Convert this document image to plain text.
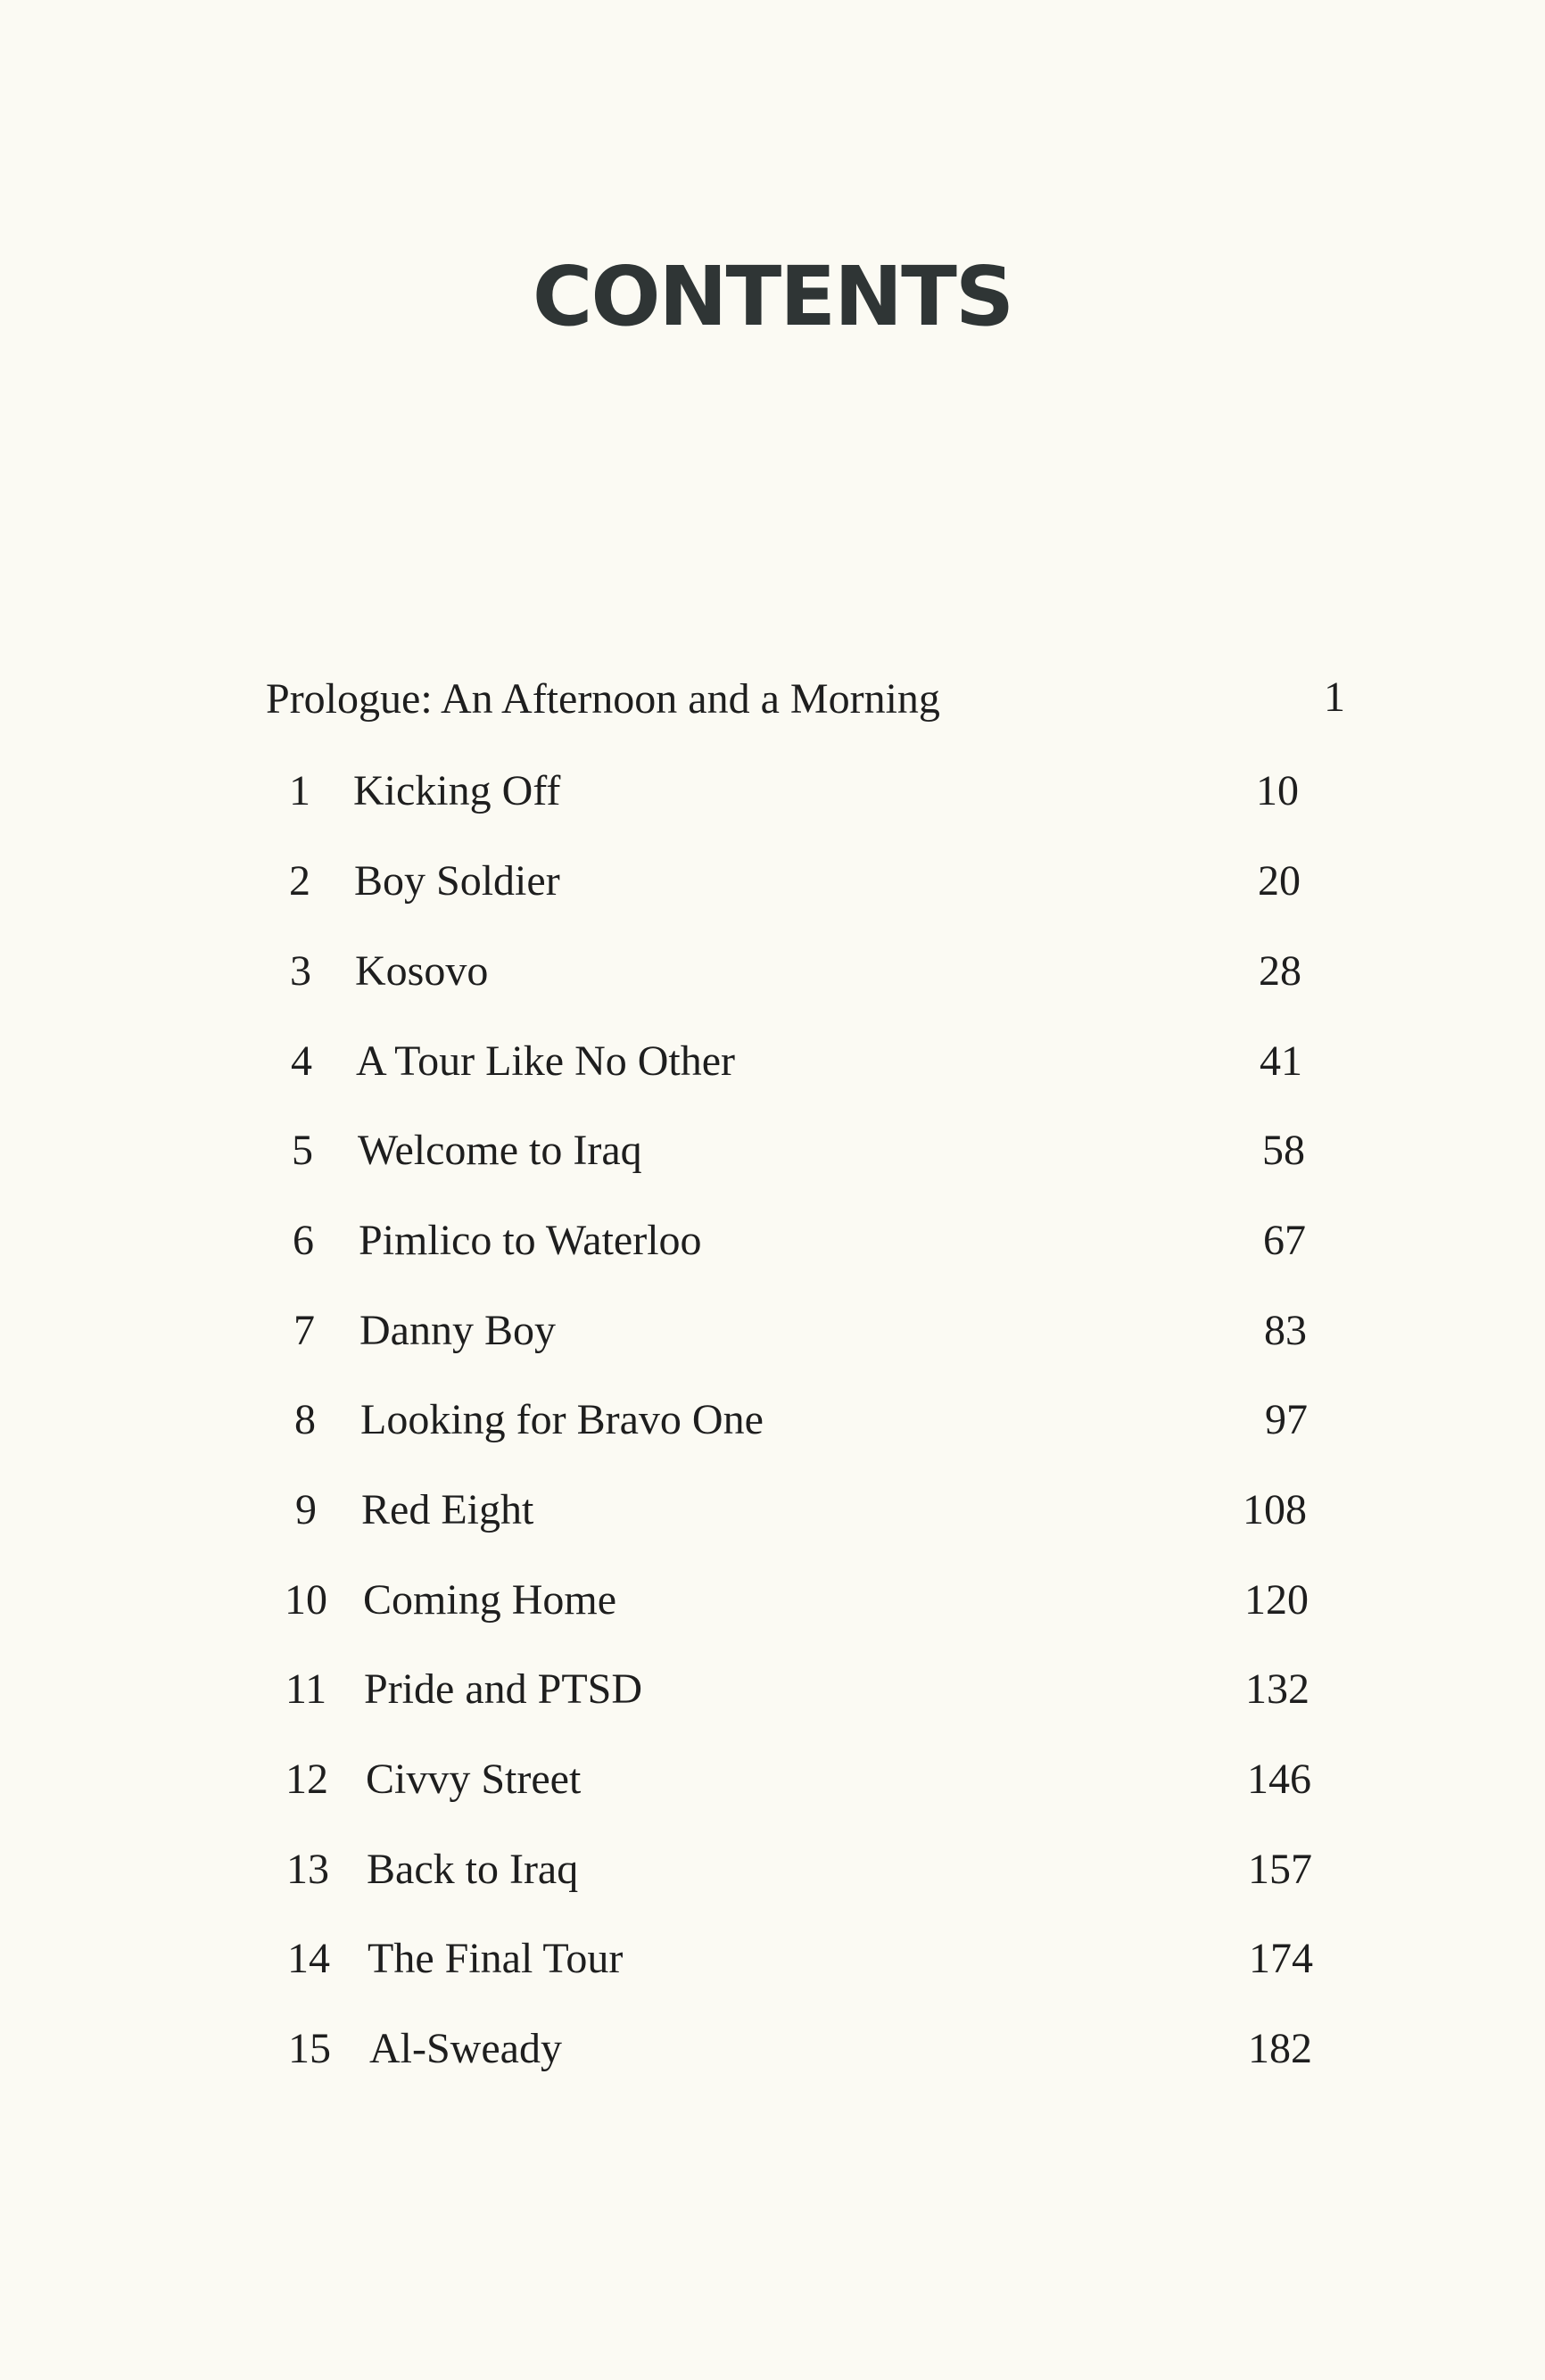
CONTENTS
Prologue: An Afternoon and a Morning	1
1	Kicking Off	10
2	Boy Soldier	20
3	Kosovo	28
4	A Tour Like No Other	41
5	Welcome to Iraq	58
6	Pimlico to Waterloo	67
7	Danny Boy	83
8	Looking for Bravo One	97
9	Red Eight	108
10 Coming Home	120
11 Pride and PTSD	132
12 Civvy Street	146
13 Back to Iraq	157
14 The Final Tour	174
15 Al-Sweady	182
